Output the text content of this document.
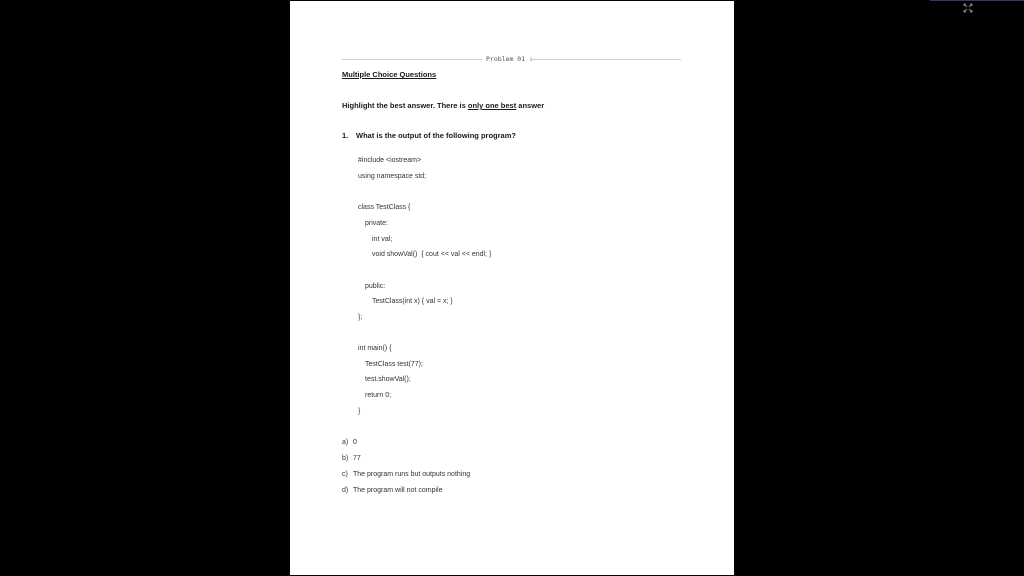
Problem 01 :
Multiple Choice Questions
Highlight the best answer. There is only one best answer
1. What is the output of the following program?
#include <iostream>
using namespace std;
class TestClass {
private:
int val;
void showVal()  { cout << val << endl; }
public:
TestClass(int x) { val = x; }
};
int main() {
TestClass test(77);
test.showVal();
return 0;
}
a) 0
b) 77
c) The program runs but outputs nothing
d) The program will not compile
